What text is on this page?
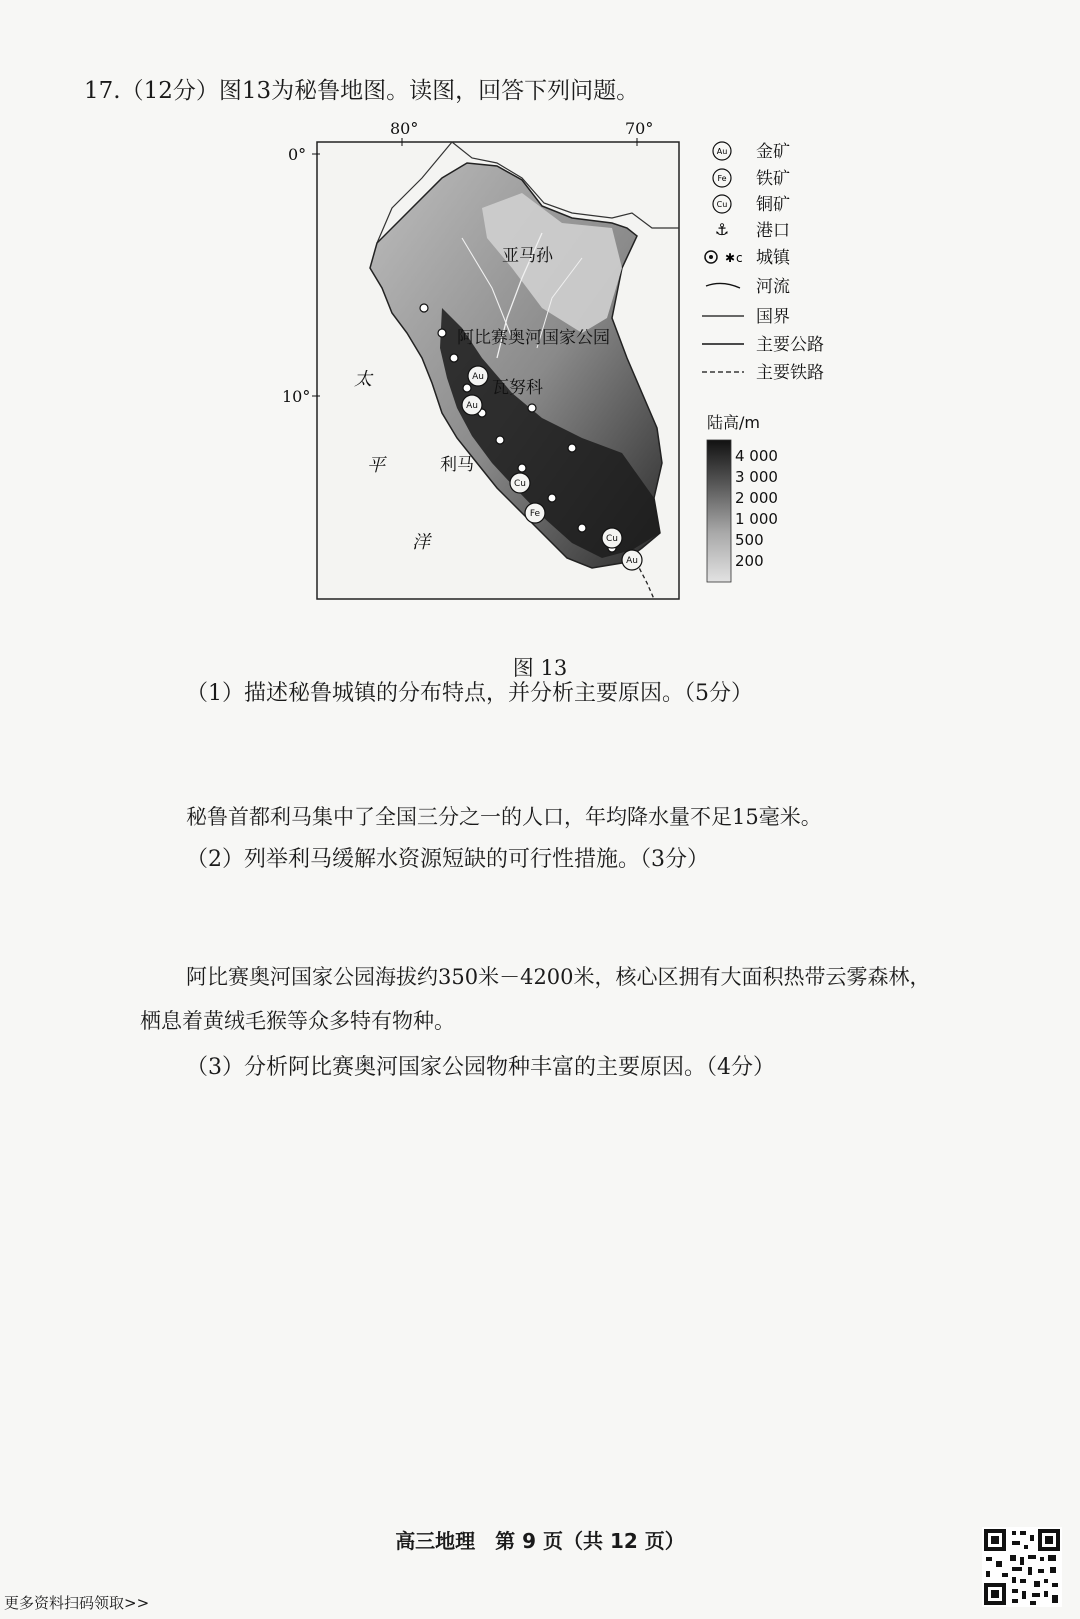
17.（12分）图13为秘鲁地图。读图，回答下列问题。
Au
Au
Cu
Fe
Cu
Au
80°	70°
0°
10°
亚马孙
阿比赛奥河国家公园
瓦努科
利马
太
平
洋
Au
Fe
Cu
⚓
✱ c
金矿
铁矿
铜矿
港口
城镇
河流
国界
主要公路
主要铁路
陆高/m
4 000
3 000
2 000
1 000
500
200
图 13
（1）描述秘鲁城镇的分布特点，并分析主要原因。（5分）
秘鲁首都利马集中了全国三分之一的人口，年均降水量不足15毫米。
（2）列举利马缓解水资源短缺的可行性措施。（3分）
阿比赛奥河国家公园海拔约350米－4200米，核心区拥有大面积热带云雾森林，
栖息着黄绒毛猴等众多特有物种。
（3）分析阿比赛奥河国家公园物种丰富的主要原因。（4分）
高三地理　第 9 页（共 12 页）
更多资料扫码领取>>
